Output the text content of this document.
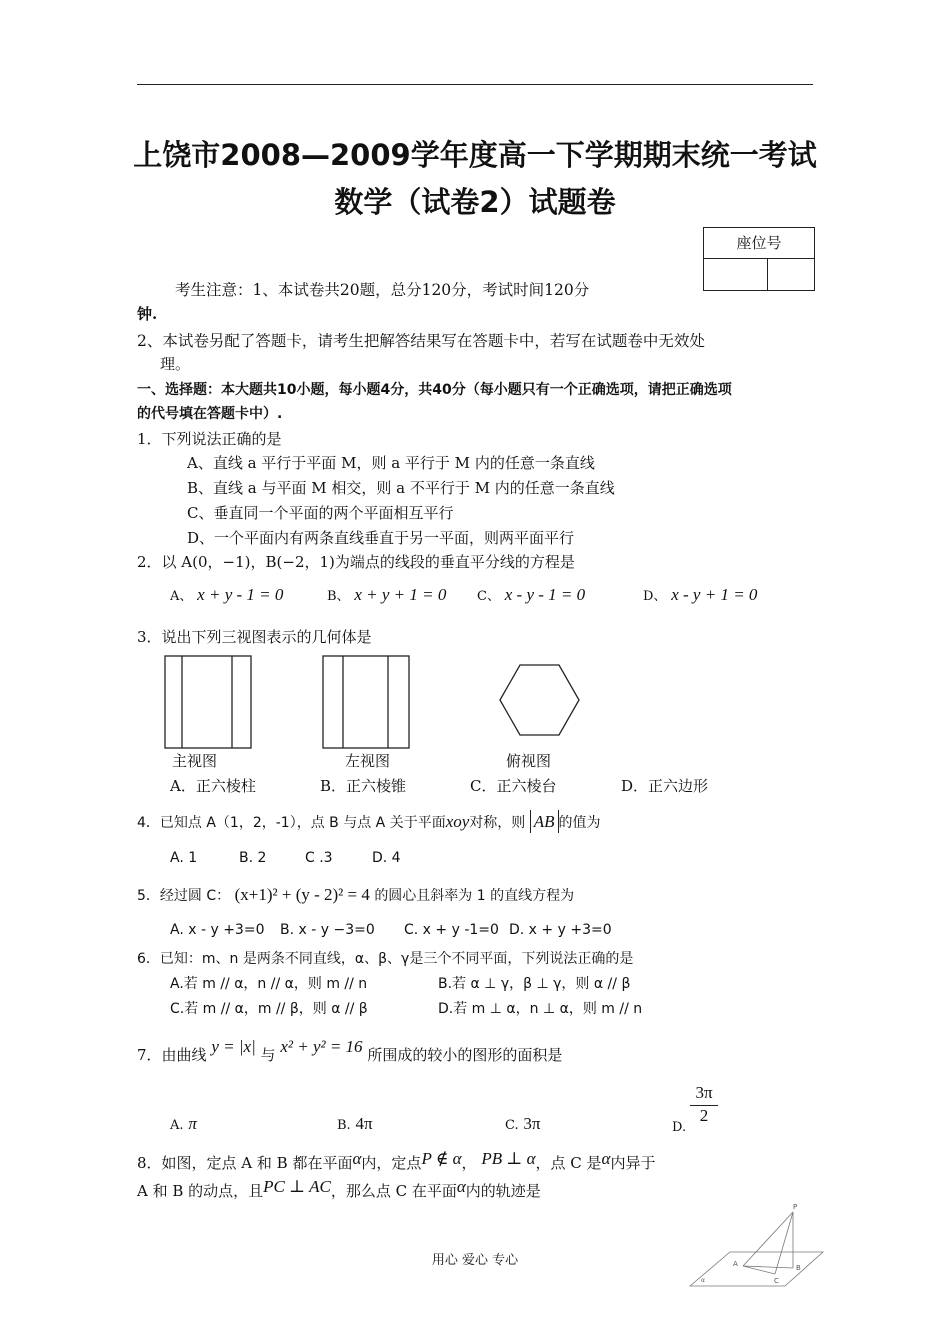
上饶市2008—2009学年度高一下学期期末统一考试
数学（试卷2）试题卷
座位号
考生注意：1、本试卷共20题，总分120分，考试时间120分
钟.
2、本试卷另配了答题卡，请考生把解答结果写在答题卡中，若写在试题卷中无效处
理。
一、选择题：本大题共10小题，每小题4分，共40分（每小题只有一个正确选项，请把正确选项
的代号填在答题卡中）.
1．下列说法正确的是
A、直线 a 平行于平面 M，则 a 平行于 M 内的任意一条直线
B、直线 a 与平面 M 相交，则 a 不平行于 M 内的任意一条直线
C、垂直同一个平面的两个平面相互平行
D、一个平面内有两条直线垂直于另一平面，则两平面平行
2．以 A(0，−1)，B(−2，1)为端点的线段的垂直平分线的方程是
A、 x + y - 1 = 0	B、 x + y + 1 = 0 C、 x - y - 1 = 0	D、 x - y + 1 = 0
3．说出下列三视图表示的几何体是
主视图	左视图	俯视图
A．正六棱柱	B．正六棱锥	C．正六棱台	D．正六边形
4．已知点 A（1，2，-1），点 B 与点 A 关于平面xoy对称，则 AB 的值为
A. 1	B. 2	C .3	D. 4
5．经过圆 C： (x+1)² + (y - 2)² = 4 的圆心且斜率为 1 的直线方程为
A. x - y +3=0 B. x - y −3=0 C. x + y -1=0 D. x + y +3=0
6．已知：m、n 是两条不同直线，α、β、γ是三个不同平面，下列说法正确的是
A.若 m // α，n // α，则 m // n	B.若 α ⊥ γ，β ⊥ γ，则 α // β
C.若 m // α，m // β，则 α // β	D.若 m ⊥ α，n ⊥ α，则 m // n
7．由曲线 y = |x| 与 x² + y² = 16 所围成的较小的图形的面积是
A. π	B. 4π	C. 3π	D.
$\frac{3\pi}{2}$
8．如图，定点 A 和 B 都在平面α内，定点P ∉ α， PB ⊥ α，点 C 是α内异于
A 和 B 的动点，且PC ⊥ AC，那么点 C 在平面α内的轨迹是
P
A	B
C
α
用心 爱心 专心
